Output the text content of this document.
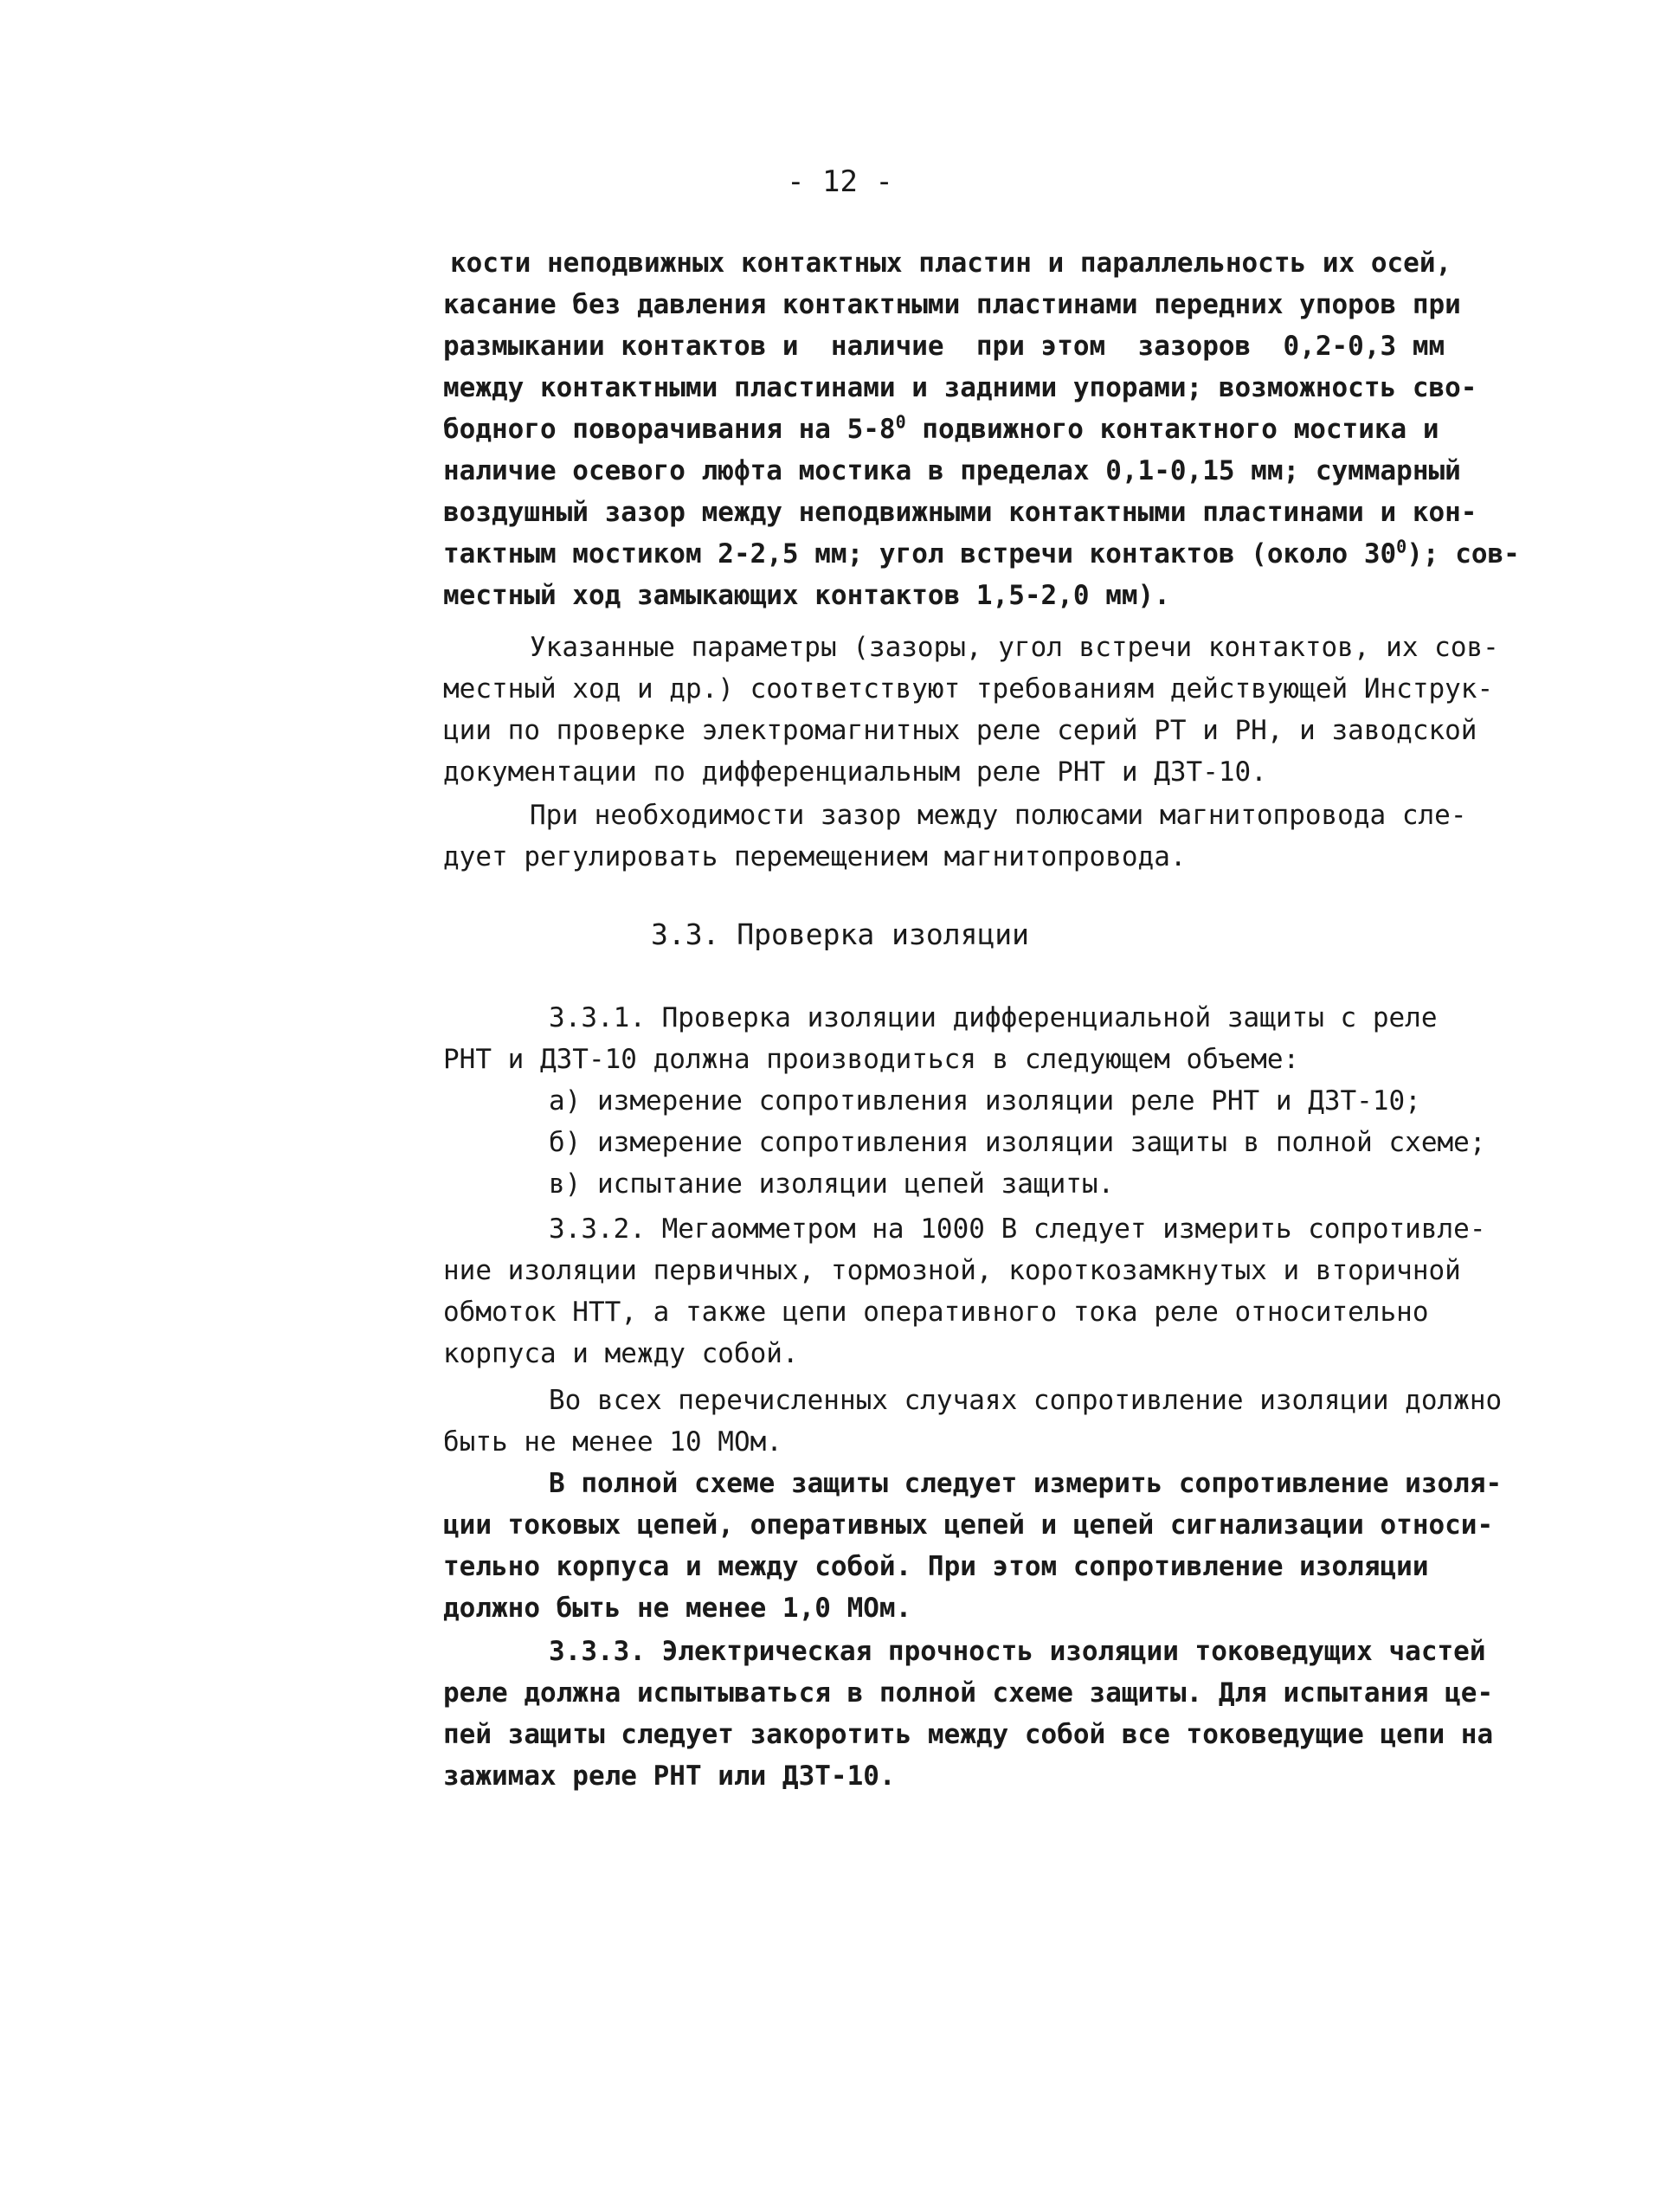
- 12 -
кости неподвижных контактных пластин и параллельность их осей,
касание без давления контактными пластинами передних упоров при
размыкании контактов и  наличие  при этом  зазоров  0,2-0,3 мм
между контактными пластинами и задними упорами; возможность сво-
бодного поворачивания на $5-8^0$ подвижного контактного мостика и
наличие осевого люфта мостика в пределах 0,1-0,15 мм; суммарный
воздушный зазор между неподвижными контактными пластинами и кон-
тактным мостиком 2-2,5 мм; угол встречи контактов (около $30^0$); сов-
местный ход замыкающих контактов 1,5-2,0 мм).
Указанные параметры (зазоры, угол встречи контактов, их сов-
местный ход и др.) соответствуют требованиям действующей Инструк-
ции по проверке электромагнитных реле серий РТ и РН, и заводской
документации по дифференциальным реле РНТ и ДЗТ-10.
При необходимости зазор между полюсами магнитопровода сле-
дует регулировать перемещением магнитопровода.
3.3. Проверка изоляции
3.3.1. Проверка изоляции дифференциальной защиты с реле
РНТ и ДЗТ-10 должна производиться в следующем объеме:
а) измерение сопротивления изоляции реле РНТ и ДЗТ-10;
б) измерение сопротивления изоляции защиты в полной схеме;
в) испытание изоляции цепей защиты.
3.3.2. Мегаомметром на 1000 В следует измерить сопротивле-
ние изоляции первичных, тормозной, короткозамкнутых и вторичной
обмоток НТТ, а также цепи оперативного тока реле относительно
корпуса и между собой.
Во всех перечисленных случаях сопротивление изоляции должно
быть не менее 10 МОм.
В полной схеме защиты следует измерить сопротивление изоля-
ции токовых цепей, оперативных цепей и цепей сигнализации относи-
тельно корпуса и между собой. При этом сопротивление изоляции
должно быть не менее 1,0 МОм.
3.3.3. Электрическая прочность изоляции токоведущих частей
реле должна испытываться в полной схеме защиты. Для испытания це-
пей защиты следует закоротить между собой все токоведущие цепи на
зажимах реле РНТ или ДЗТ-10.
